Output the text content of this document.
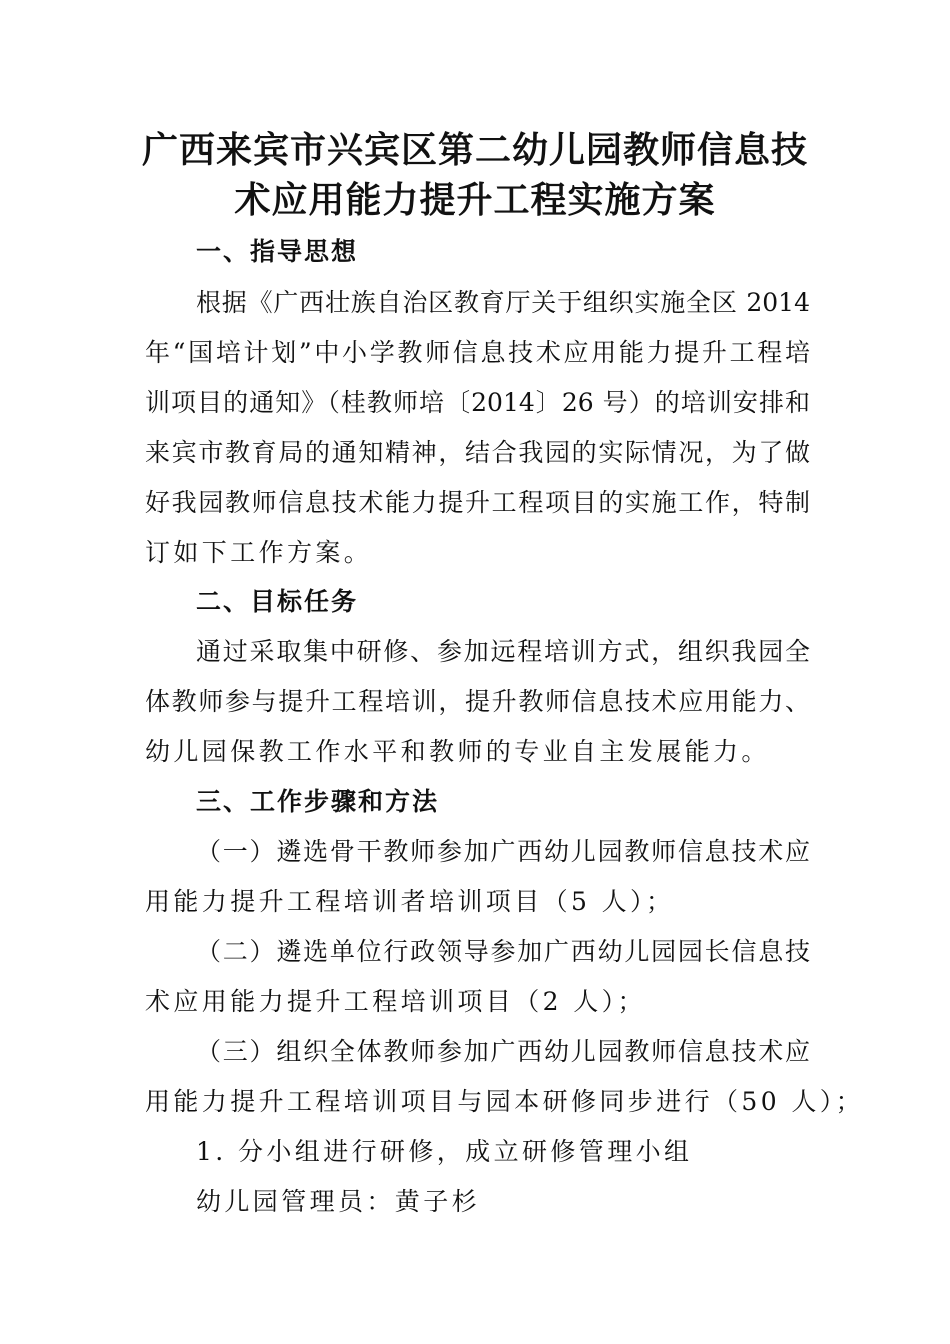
广西来宾市兴宾区第二幼儿园教师信息技
术应用能力提升工程实施方案
一、指导思想
根据《广西壮族自治区教育厅关于组织实施全区 2014
年“国培计划”中小学教师信息技术应用能力提升工程培
训项目的通知》（桂教师培〔2014〕26 号）的培训安排和
来宾市教育局的通知精神，结合我园的实际情况，为了做
好我园教师信息技术能力提升工程项目的实施工作，特制
订如下工作方案。
二、目标任务
通过采取集中研修、参加远程培训方式，组织我园全
体教师参与提升工程培训，提升教师信息技术应用能力、
幼儿园保教工作水平和教师的专业自主发展能力。
三、工作步骤和方法
（一）遴选骨干教师参加广西幼儿园教师信息技术应
用能力提升工程培训者培训项目（5 人）；
（二）遴选单位行政领导参加广西幼儿园园长信息技
术应用能力提升工程培训项目（2 人）；
（三）组织全体教师参加广西幼儿园教师信息技术应
用能力提升工程培训项目与园本研修同步进行（50 人）；
1. 分小组进行研修，成立研修管理小组
幼儿园管理员：黄子杉
